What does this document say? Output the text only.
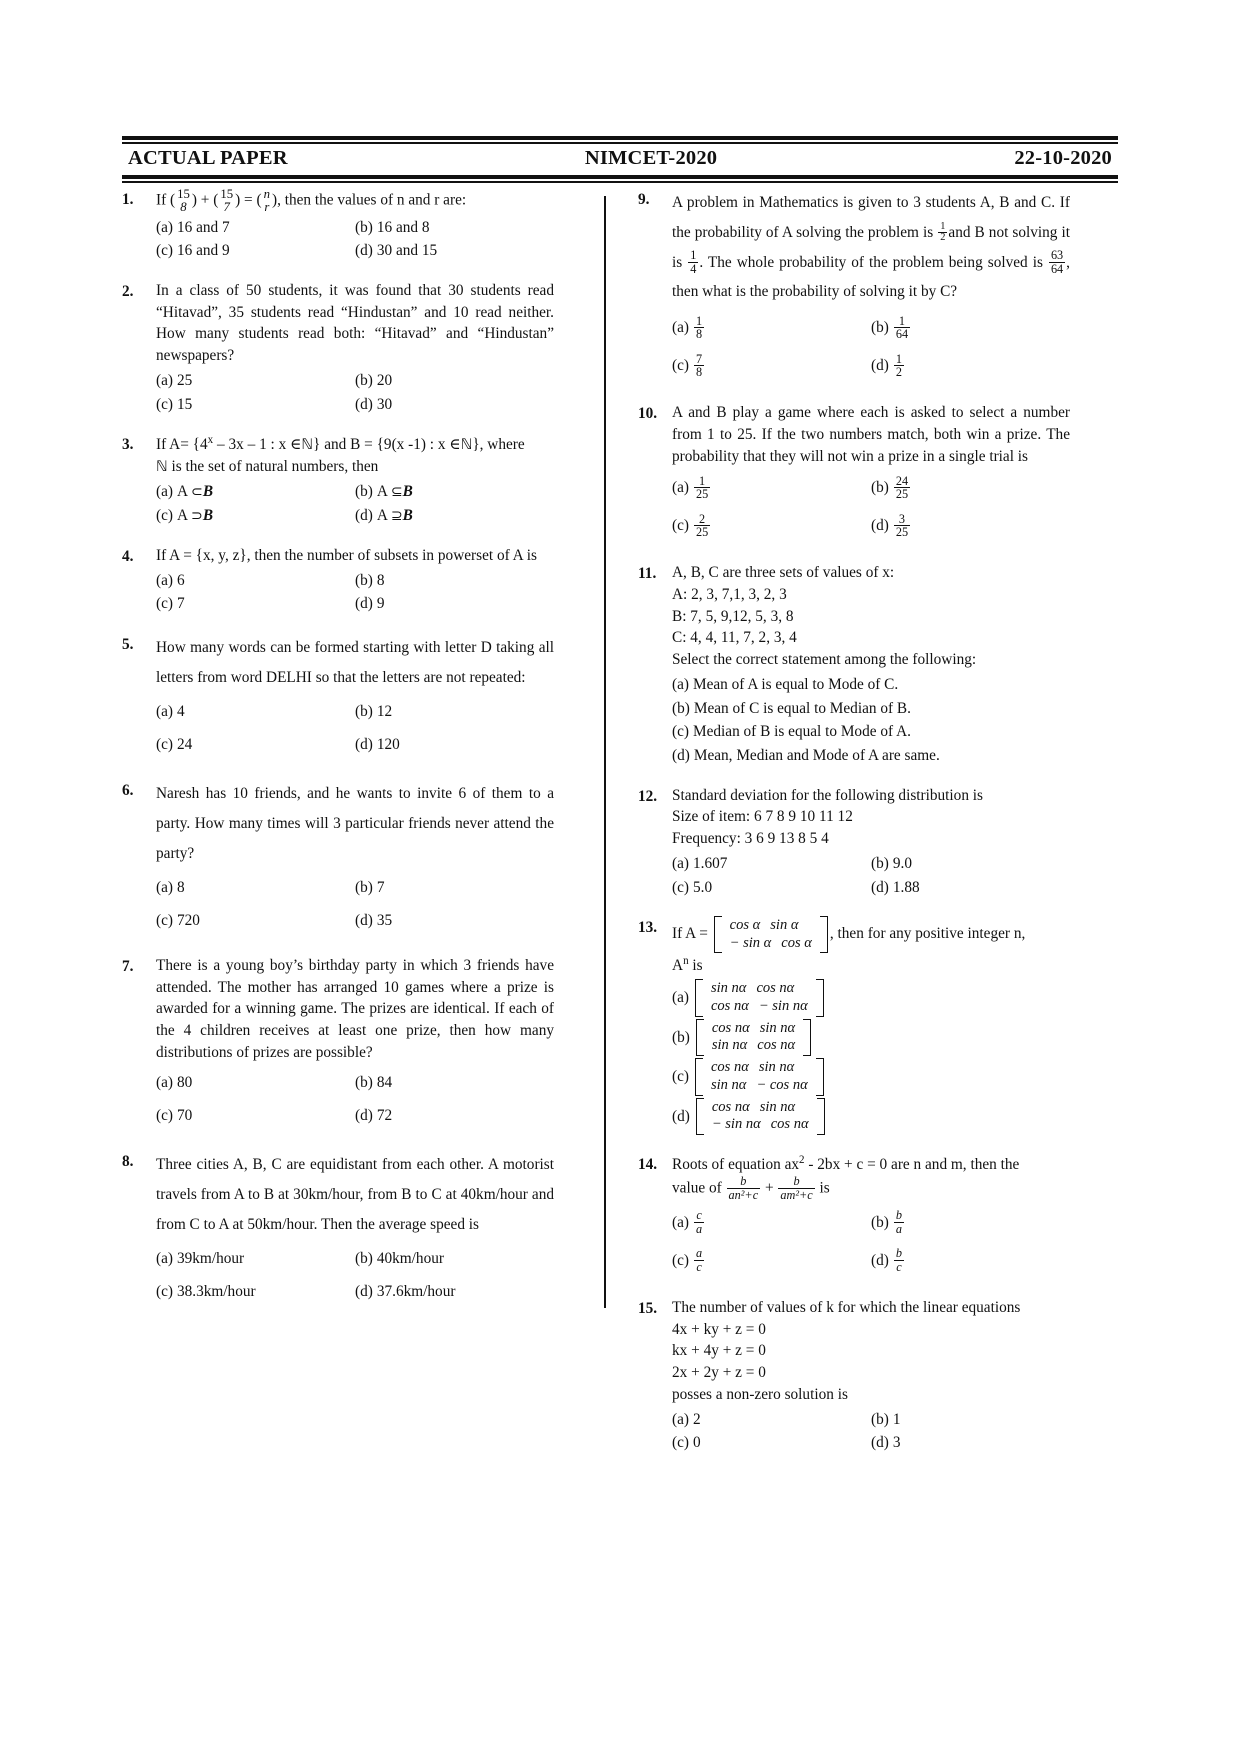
ACTUAL PAPER	NIMCET-2020	22-10-2020
1.	If ( 15
8 ) + ( 15
7 ) = ( n
r ), then the values of n and r are:
(a) 16 and 7	(b) 16 and 8
(c) 16 and 9	(d) 30 and 15
2.	In a class of 50 students, it was found that 30 students read “Hitavad”, 35 students read “Hindustan” and 10 read neither. How many students read both: “Hitavad” and “Hindustan” newspapers?
(a) 25	(b) 20
(c) 15	(d) 30
3.	If $A= \{4^x - 3x - 1$ : x ∈ℕ} and B = {9(x -1) : x ∈ℕ}, where
ℕ is the set of natural numbers, then
(a) A ⊂B	(b) A ⊆B
(c) A ⊃B	(d) A ⊇B
4.	If A = {x, y, z}, then the number of subsets in powerset of A is
(a) 6	(b) 8
(c) 7	(d) 9
5.	How many words can be formed starting with letter D taking all letters from word DELHI so that the letters are not repeated:
(a) 4	(b) 12
(c) 24	(d) 120
6.	Naresh has 10 friends, and he wants to invite 6 of them to a party. How many times will 3 particular friends never attend the party?
(a) 8	(b) 7
(c) 720	(d) 35
7.	There is a young boy’s birthday party in which 3 friends have attended. The mother has arranged 10 games where a prize is awarded for a winning game. The prizes are identical. If each of the 4 children receives at least one prize, then how many distributions of prizes are possible?
(a) 80	(b) 84
(c) 70	(d) 72
8.	Three cities A, B, C are equidistant from each other. A motorist travels from A to B at 30km/hour, from B to C at 40km/hour and from C to A at 50km/hour. Then the average speed is
(a) 39km/hour	(b) 40km/hour
(c) 38.3km/hour	(d) 37.6km/hour
9.	A problem in Mathematics is given to 3 students A, B and C. If the probability of A solving the problem is $\frac{1}{2}$ and B not solving it is $\frac{1}{4}$ . The whole probability of the problem being solved is $\frac{63}{64}$ , then what is the probability of solving it by C?
$(a) \frac{1}{8}$	$(b) \frac{1}{64}$
$(c) \frac{7}{8}$	$(d) \frac{1}{2}$
10. A and B play a game where each is asked to select a number from 1 to 25. If the two numbers match, both win a prize. The probability that they will not win a prize in a single trial is
$(a) \frac{1}{25}$	$(b) \frac{24}{25}$
$(c) \frac{2}{25}$	$(d) \frac{3}{25}$
11.	A, B, C are three sets of values of x:
A: 2, 3, 7,1, 3, 2, 3
B: 7, 5, 9,12, 5, 3, 8
C: 4, 4, 11, 7, 2, 3, 4
Select the correct statement among the following:
(a) Mean of A is equal to Mode of C.
(b) Mean of C is equal to Median of B.
(c) Median of B is equal to Mode of A.
(d) Mean, Median and Mode of A are same.
12. Standard deviation for the following distribution is
Size of item: 6 7 8 9 10 11 12
Frequency: 3 6 9 13 8 5 4
(a) 1.607	(b) 9.0
(c) 5.0	(d) 1.88
13. If A =
cos α sin α
− sin α cos α
, then for any positive integer n,
$A^n$ is
(a)
sin nα cos nα
cos nα − sin nα
(b)
cos nα sin nα
sin nα cos nα
(c)
cos nα sin nα
sin nα − cos nα
(d)
cos nα sin nα
− sin nα cos nα
14. Roots of equation $ax^2 - 2bx + c = 0$ are n and m, then the
value of $\frac{b}{\text{an²+c}} + \frac{b}{\text{am²+c}}$ is
$(a) \frac{c}{a}$	$(b) \frac{b}{a}$
$(c) \frac{a}{c}$	$(d) \frac{b}{c}$
15. The number of values of k for which the linear equations
4x + ky + z = 0
kx + 4y + z = 0
2x + 2y + z = 0
posses a non-zero solution is
(a) 2	(b) 1
(c) 0	(d) 3
